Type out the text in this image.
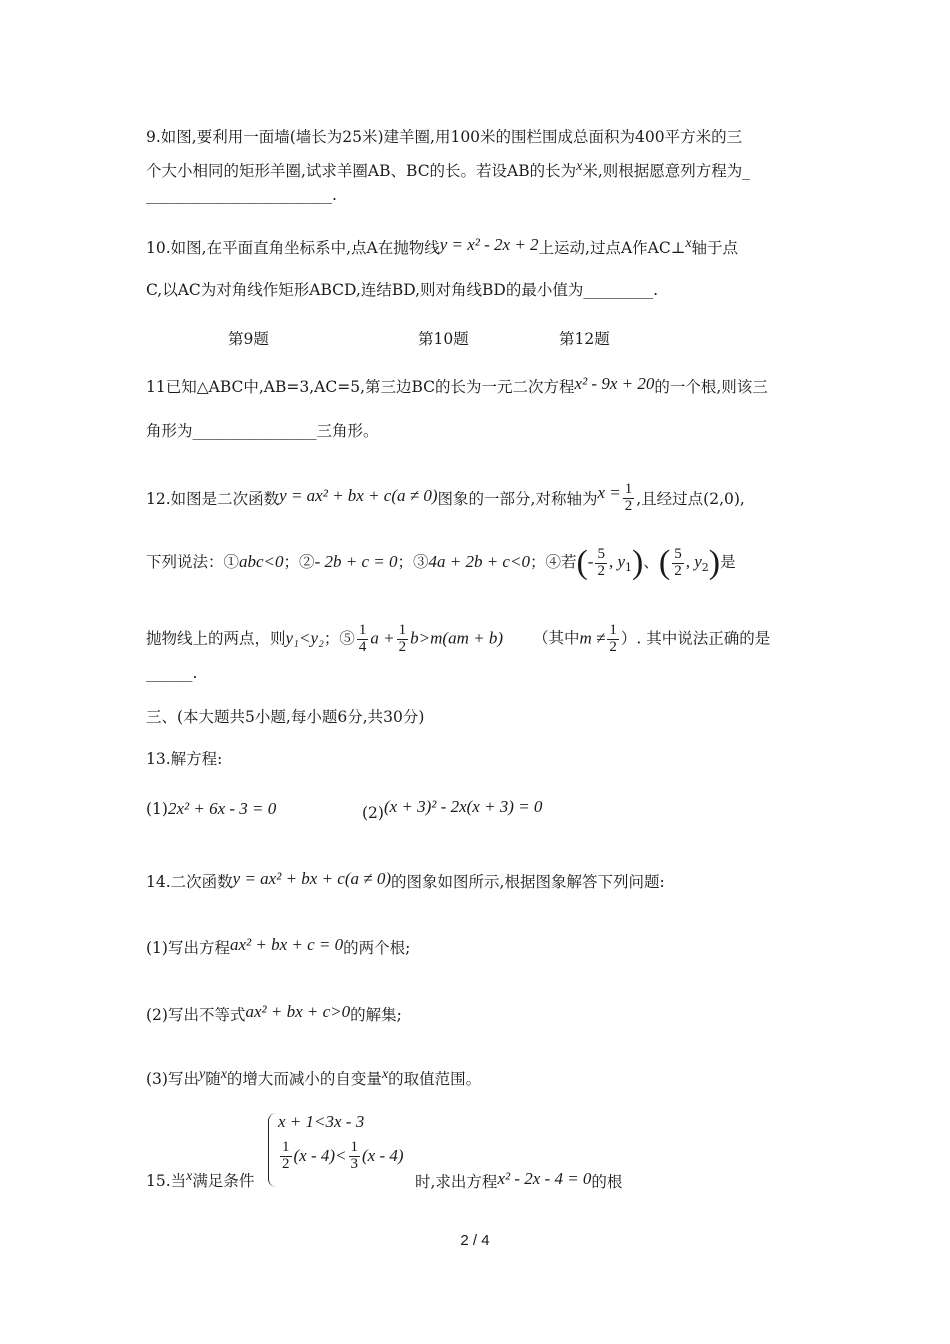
9.如图,要利用一面墙(墙长为25米)建羊圈,用100米的围栏围成总面积为400平方米的三
个大小相同的矩形羊圈,试求羊圈AB、BC的长。若设AB的长为x米,则根据愿意列方程为_
________________________.
10.如图,在平面直角坐标系中,点A在抛物线y = x² - 2x + 2上运动,过点A作AC⊥x轴于点
C,以AC为对角线作矩形ABCD,连结BD,则对角线BD的最小值为_________.
第9题	第10题	第12题
11已知△ABC中,AB=3,AC=5,第三边BC的长为一元二次方程x² - 9x + 20的一个根,则该三
角形为________________三角形。
12.如图是二次函数y = ax² + bx + c(a ≠ 0)图象的一部分,对称轴为$x = \frac{1}{2}$ ,且经过点(2,0),
下列说法：①abc<0；②- 2b + c = 0；③4a + 2b + c<0；④若(- $\frac{5}{2}$ , $y_1$)、( $\frac{5}{2}$ , $y_2$)是
抛物线上的两点，则y₁<y₂；⑤ $\frac{1}{4}$ $a + \frac{1}{2} b>m(am + b)$ （其中$m \ne \frac{1}{2}$ ）. 其中说法正确的是
______.
三、(本大题共5小题,每小题6分,共30分)
13.解方程:
(1)2x² + 6x - 3 = 0	(2)(x + 3)² - 2x(x + 3) = 0
14.二次函数y = ax² + bx + c(a ≠ 0)的图象如图所示,根据图象解答下列问题:
(1)写出方程ax² + bx + c = 0的两个根;
(2)写出不等式ax² + bx + c>0的解集;
(3)写出y随x的增大而减小的自变量x的取值范围。
x + 1<3x - 3
$\frac{1}{2} (x - 4)< \frac{1}{3} (x - 4)$
15.当x满足条件	时,求出方程x² - 2x - 4 = 0的根
2 / 4
